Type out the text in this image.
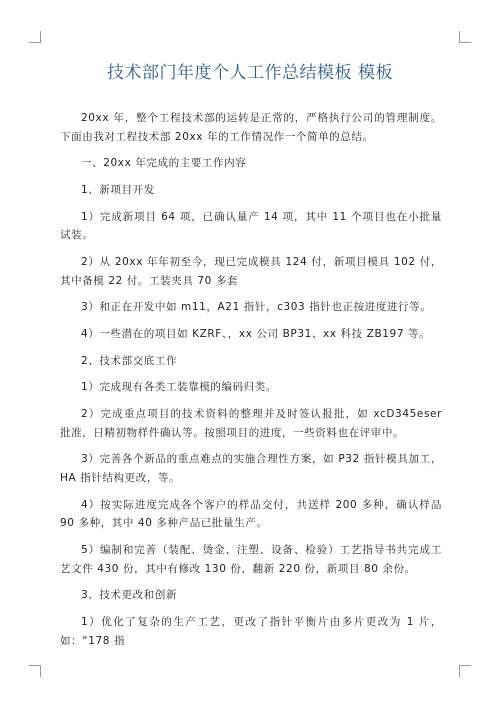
技术部门年度个人工作总结模板 模板

20xx 年，整个工程技术部的运转是正常的，严格执行公司的管理制度。下面由我对工程技术部 20xx 年的工作情况作一个简单的总结。

一、20xx 年完成的主要工作内容

1、新项目开发

1）完成新项目 64 项，已确认量产 14 项，其中 11 个项目也在小批量试装。

2）从 20xx 年年初至今，现已完成模具 124 付，新项目模具 102 付，其中备模 22 付。工装夹具 70 多套

3）和正在开发中如 m11，A21 指针，c303 指针也正按进度进行等。

4）一些潜在的项目如 KZRF、，xx 公司 BP31、xx 科技 ZB197 等。

2、技术部交底工作

1）完成现有各类工装靠模的编码归类。

2）完成重点项目的技术资料的整理并及时签认报批，如 xcD345eser 批准，日精初物样件确认等。按照项目的进度，一些资料也在评审中。

3）完善各个新品的重点难点的实施合理性方案，如 P32 指针模具加工，HA 指针结构更改，等。

4）按实际进度完成各个客户的样品交付，共送样 200 多种，确认样品 90 多种，其中 40 多种产品已批量生产。

5）编制和完善（装配、烫金、注塑、设备、检验）工艺指导书共完成工艺文件 430 份，其中有修改 130 份，翻新 220 份，新项目 80 余份。

3、技术更改和创新

1）优化了复杂的生产工艺，更改了指针平衡片由多片更改为 1 片，如：“178 指
